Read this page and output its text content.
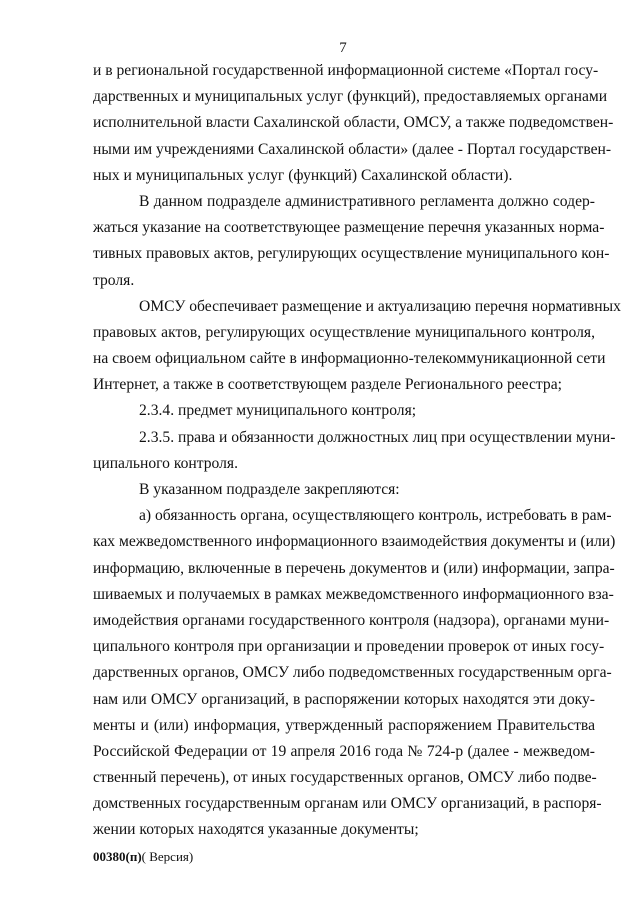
7
и в региональной государственной информационной системе «Портал госу-
дарственных и муниципальных услуг (функций), предоставляемых органами
исполнительной власти Сахалинской области, ОМСУ, а также подведомствен-
ными им учреждениями Сахалинской области» (далее - Портал государствен-
ных и муниципальных услуг (функций) Сахалинской области).
В данном подразделе административного регламента должно содер-
жаться указание на соответствующее размещение перечня указанных норма-
тивных правовых актов, регулирующих осуществление муниципального кон-
троля.
ОМСУ обеспечивает размещение и актуализацию перечня нормативных
правовых актов, регулирующих осуществление муниципального контроля,
на своем официальном сайте в информационно-телекоммуникационной сети
Интернет, а также в соответствующем разделе Регионального реестра;
2.3.4. предмет муниципального контроля;
2.3.5. права и обязанности должностных лиц при осуществлении муни-
ципального контроля.
В указанном подразделе закрепляются:
а) обязанность органа, осуществляющего контроль, истребовать в рам-
ках межведомственного информационного взаимодействия документы и (или)
информацию, включенные в перечень документов и (или) информации, запра-
шиваемых и получаемых в рамках межведомственного информационного вза-
имодействия органами государственного контроля (надзора), органами муни-
ципального контроля при организации и проведении проверок от иных госу-
дарственных органов, ОМСУ либо подведомственных государственным орга-
нам или ОМСУ организаций, в распоряжении которых находятся эти доку-
менты и (или) информация, утвержденный распоряжением Правительства
Российской Федерации от 19 апреля 2016 года № 724-р (далее - межведом-
ственный перечень), от иных государственных органов, ОМСУ либо подве-
домственных государственным органам или ОМСУ организаций, в распоря-
жении которых находятся указанные документы;
00380(п)( Версия)
